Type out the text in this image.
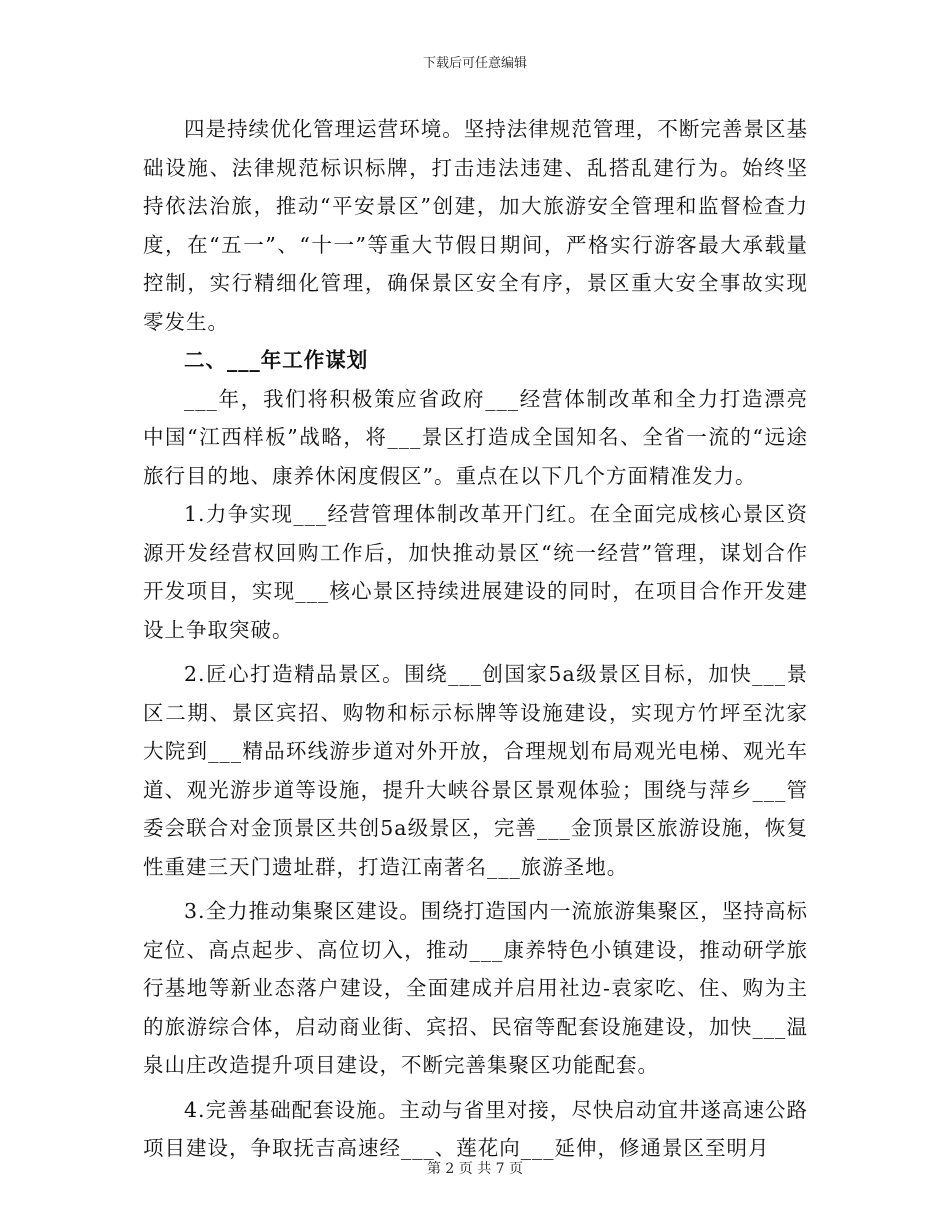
下载后可任意编辑

四是持续优化管理运营环境。坚持法律规范管理，不断完善景区基础设施、法律规范标识标牌，打击违法违建、乱搭乱建行为。始终坚持依法治旅，推动“平安景区”创建，加大旅游安全管理和监督检查力度，在“五一”、“十一”等重大节假日期间，严格实行游客最大承载量控制，实行精细化管理，确保景区安全有序，景区重大安全事故实现零发生。

二、___年工作谋划

___年，我们将积极策应省政府___经营体制改革和全力打造漂亮中国“江西样板”战略，将___景区打造成全国知名、全省一流的“远途旅行目的地、康养休闲度假区”。重点在以下几个方面精准发力。

1.力争实现___经营管理体制改革开门红。在全面完成核心景区资源开发经营权回购工作后，加快推动景区“统一经营”管理，谋划合作开发项目，实现___核心景区持续进展建设的同时，在项目合作开发建设上争取突破。

2.匠心打造精品景区。围绕___创国家5a级景区目标，加快___景区二期、景区宾招、购物和标示标牌等设施建设，实现方竹坪至沈家大院到___精品环线游步道对外开放，合理规划布局观光电梯、观光车道、观光游步道等设施，提升大峡谷景区景观体验；围绕与萍乡___管委会联合对金顶景区共创5a级景区，完善___金顶景区旅游设施，恢复性重建三天门遗址群，打造江南著名___旅游圣地。

3.全力推动集聚区建设。围绕打造国内一流旅游集聚区，坚持高标定位、高点起步、高位切入，推动___康养特色小镇建设，推动研学旅行基地等新业态落户建设，全面建成并启用社边-袁家吃、住、购为主的旅游综合体，启动商业街、宾招、民宿等配套设施建设，加快___温泉山庄改造提升项目建设，不断完善集聚区功能配套。

4.完善基础配套设施。主动与省里对接，尽快启动宜井遂高速公路项目建设，争取抚吉高速经___、莲花向___延伸，修通景区至明月

第 2 页 共 7 页
